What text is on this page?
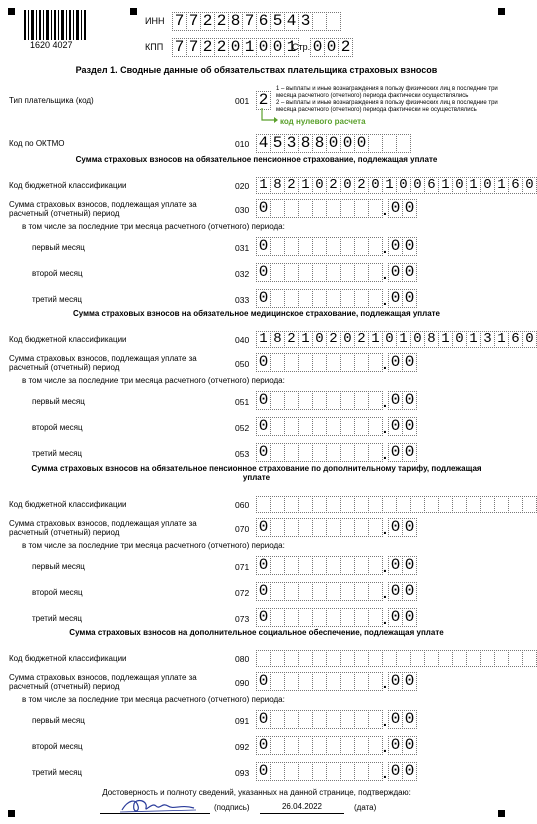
1620 4027
ИНН 7 7 2 2 8 7 6 5 4 3
КПП 7 7 2 2 0 1 0 0 1
Стр. 0 0 2
Раздел 1. Сводные данные об обязательствах плательщика страховых взносов
Тип плательщика (код)	001 2
1 – выплаты и иные вознаграждения в пользу физических лиц в последние три месяца расчетного (отчетного) периода фактически осуществлялись
2 – выплаты и иные вознаграждения в пользу физических лиц в последние три месяца расчетного (отчетного) периода фактически не осуществлялись
код нулевого расчета
Код по ОКТМО	010 4 5 3 8 8 0 0 0
Сумма страховых взносов на обязательное пенсионное страхование, подлежащая уплате
в том числе за последние три месяца расчетного (отчетного) периода:
Код бюджетной классификации	020 1 8 2 1 0 2 0 2 0 1 0 0 6 1 0 1 0 1 6 0
Сумма страховых взносов, подлежащая уплате за расчетный (отчетный) период	030 0	. 0 0
первый месяц	031 0	. 0 0
второй месяц	032 0	. 0 0
третий месяц	033 0	. 0 0
Сумма страховых взносов на обязательное медицинское страхование, подлежащая уплате
в том числе за последние три месяца расчетного (отчетного) периода:
Код бюджетной классификации	040 1 8 2 1 0 2 0 2 1 0 1 0 8 1 0 1 3 1 6 0
Сумма страховых взносов, подлежащая уплате за расчетный (отчетный) период	050 0	. 0 0
первый месяц	051 0	. 0 0
второй месяц	052 0	. 0 0
третий месяц	053 0	. 0 0
Сумма страховых взносов на обязательное пенсионное страхование по дополнительному тарифу, подлежащая уплате
в том числе за последние три месяца расчетного (отчетного) периода:
Код бюджетной классификации	060
Сумма страховых взносов, подлежащая уплате за расчетный (отчетный) период	070 0	. 0 0
первый месяц	071 0	. 0 0
второй месяц	072 0	. 0 0
третий месяц	073 0	. 0 0
Сумма страховых взносов на дополнительное социальное обеспечение, подлежащая уплате
в том числе за последние три месяца расчетного (отчетного) периода:
Код бюджетной классификации	080
Сумма страховых взносов, подлежащая уплате за расчетный (отчетный) период	090 0	. 0 0
первый месяц	091 0	. 0 0
второй месяц	092 0	. 0 0
третий месяц	093 0	. 0 0
Достоверность и полноту сведений, указанных на данной странице, подтверждаю:
(подпись)	26.04.2022	(дата)
